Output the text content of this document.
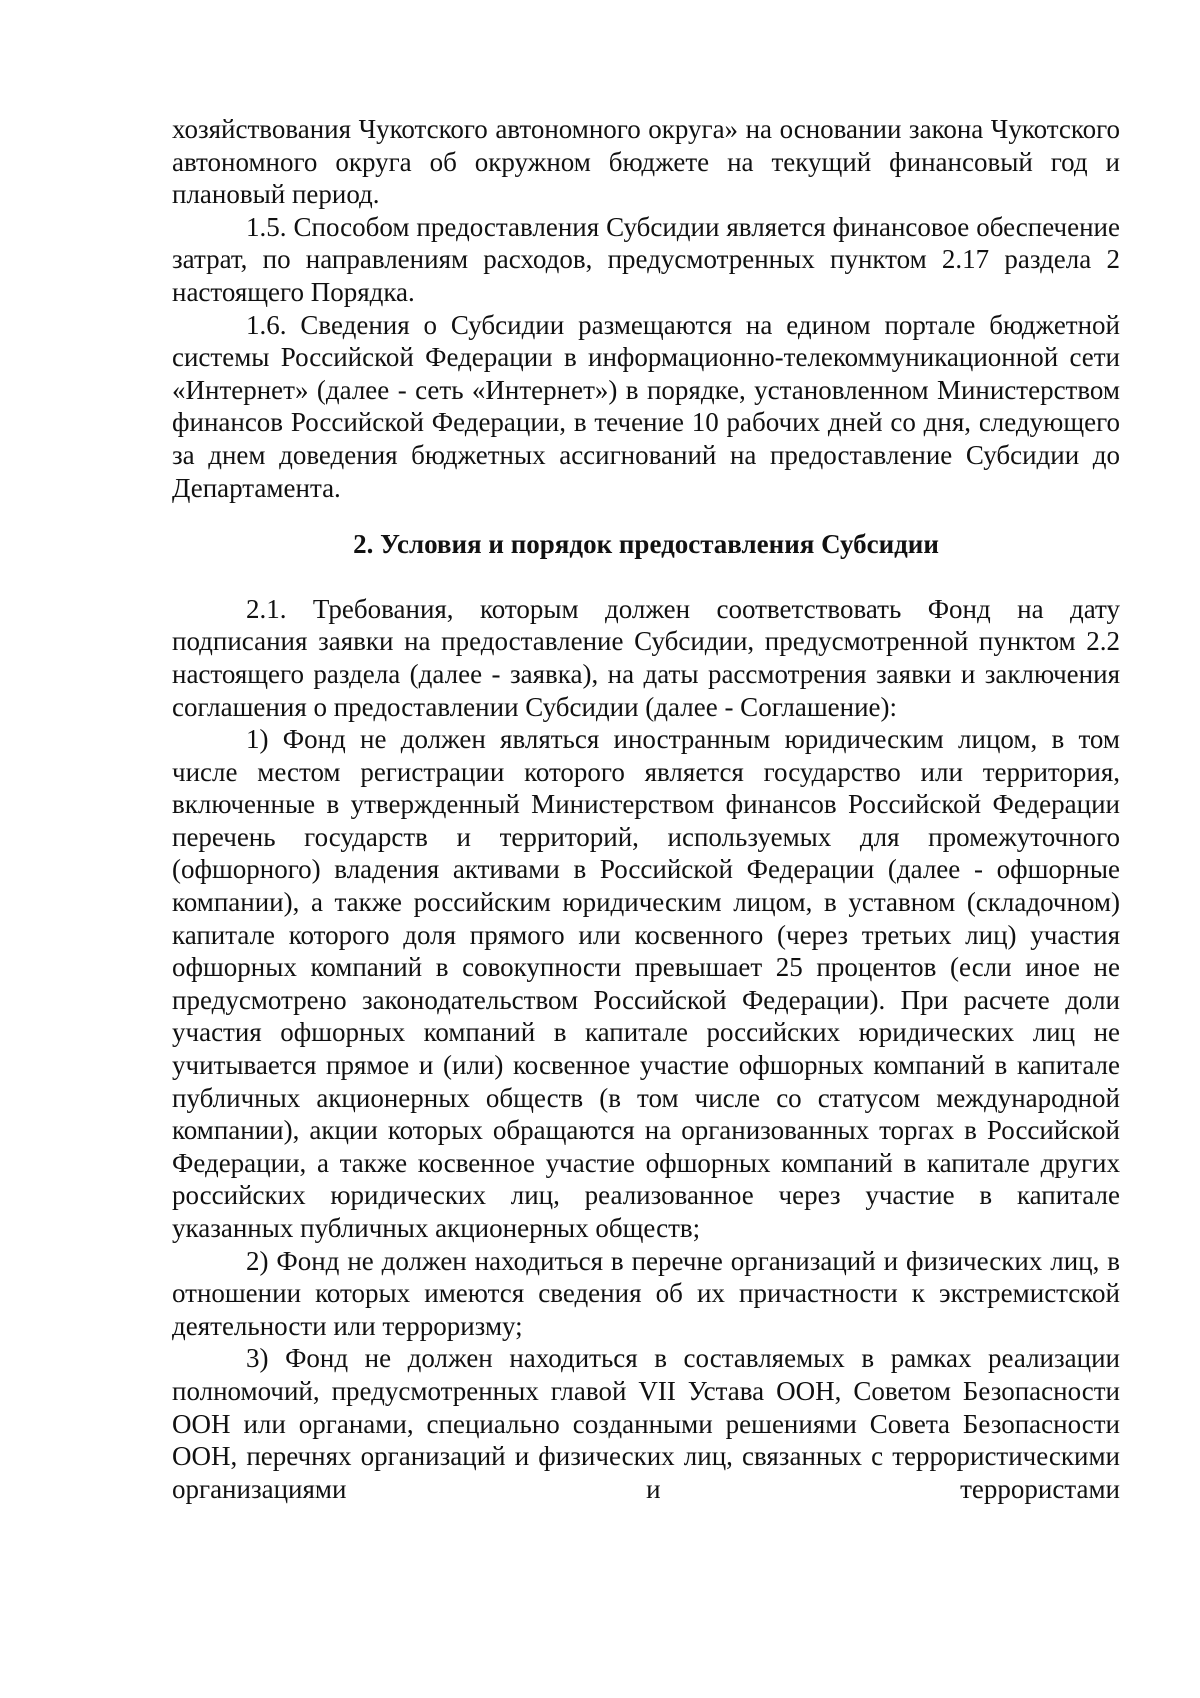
хозяйствования Чукотского автономного округа» на основании закона Чукотского автономного округа об окружном бюджете на текущий финансовый год и плановый период.

1.5. Способом предоставления Субсидии является финансовое обеспечение затрат, по направлениям расходов, предусмотренных пунктом 2.17 раздела 2 настоящего Порядка.

1.6. Сведения о Субсидии размещаются на едином портале бюджетной системы Российской Федерации в информационно-телекоммуникационной сети «Интернет» (далее - сеть «Интернет») в порядке, установленном Министерством финансов Российской Федерации, в течение 10 рабочих дней со дня, следующего за днем доведения бюджетных ассигнований на предоставление Субсидии до Департамента.

2. Условия и порядок предоставления Субсидии

2.1. Требования, которым должен соответствовать Фонд на дату подписания заявки на предоставление Субсидии, предусмотренной пунктом 2.2 настоящего раздела (далее - заявка), на даты рассмотрения заявки и заключения соглашения о предоставлении Субсидии (далее - Соглашение):

1) Фонд не должен являться иностранным юридическим лицом, в том числе местом регистрации которого является государство или территория, включенные в утвержденный Министерством финансов Российской Федерации перечень государств и территорий, используемых для промежуточного (офшорного) владения активами в Российской Федерации (далее - офшорные компании), а также российским юридическим лицом, в уставном (складочном) капитале которого доля прямого или косвенного (через третьих лиц) участия офшорных компаний в совокупности превышает 25 процентов (если иное не предусмотрено законодательством Российской Федерации). При расчете доли участия офшорных компаний в капитале российских юридических лиц не учитывается прямое и (или) косвенное участие офшорных компаний в капитале публичных акционерных обществ (в том числе со статусом международной компании), акции которых обращаются на организованных торгах в Российской Федерации, а также косвенное участие офшорных компаний в капитале других российских юридических лиц, реализованное через участие в капитале указанных публичных акционерных обществ;

2) Фонд не должен находиться в перечне организаций и физических лиц, в отношении которых имеются сведения об их причастности к экстремистской деятельности или терроризму;

3) Фонд не должен находиться в составляемых в рамках реализации полномочий, предусмотренных главой VII Устава ООН, Советом Безопасности ООН или органами, специально созданными решениями Совета Безопасности ООН, перечнях организаций и физических лиц, связанных с террористическими организациями и террористами
